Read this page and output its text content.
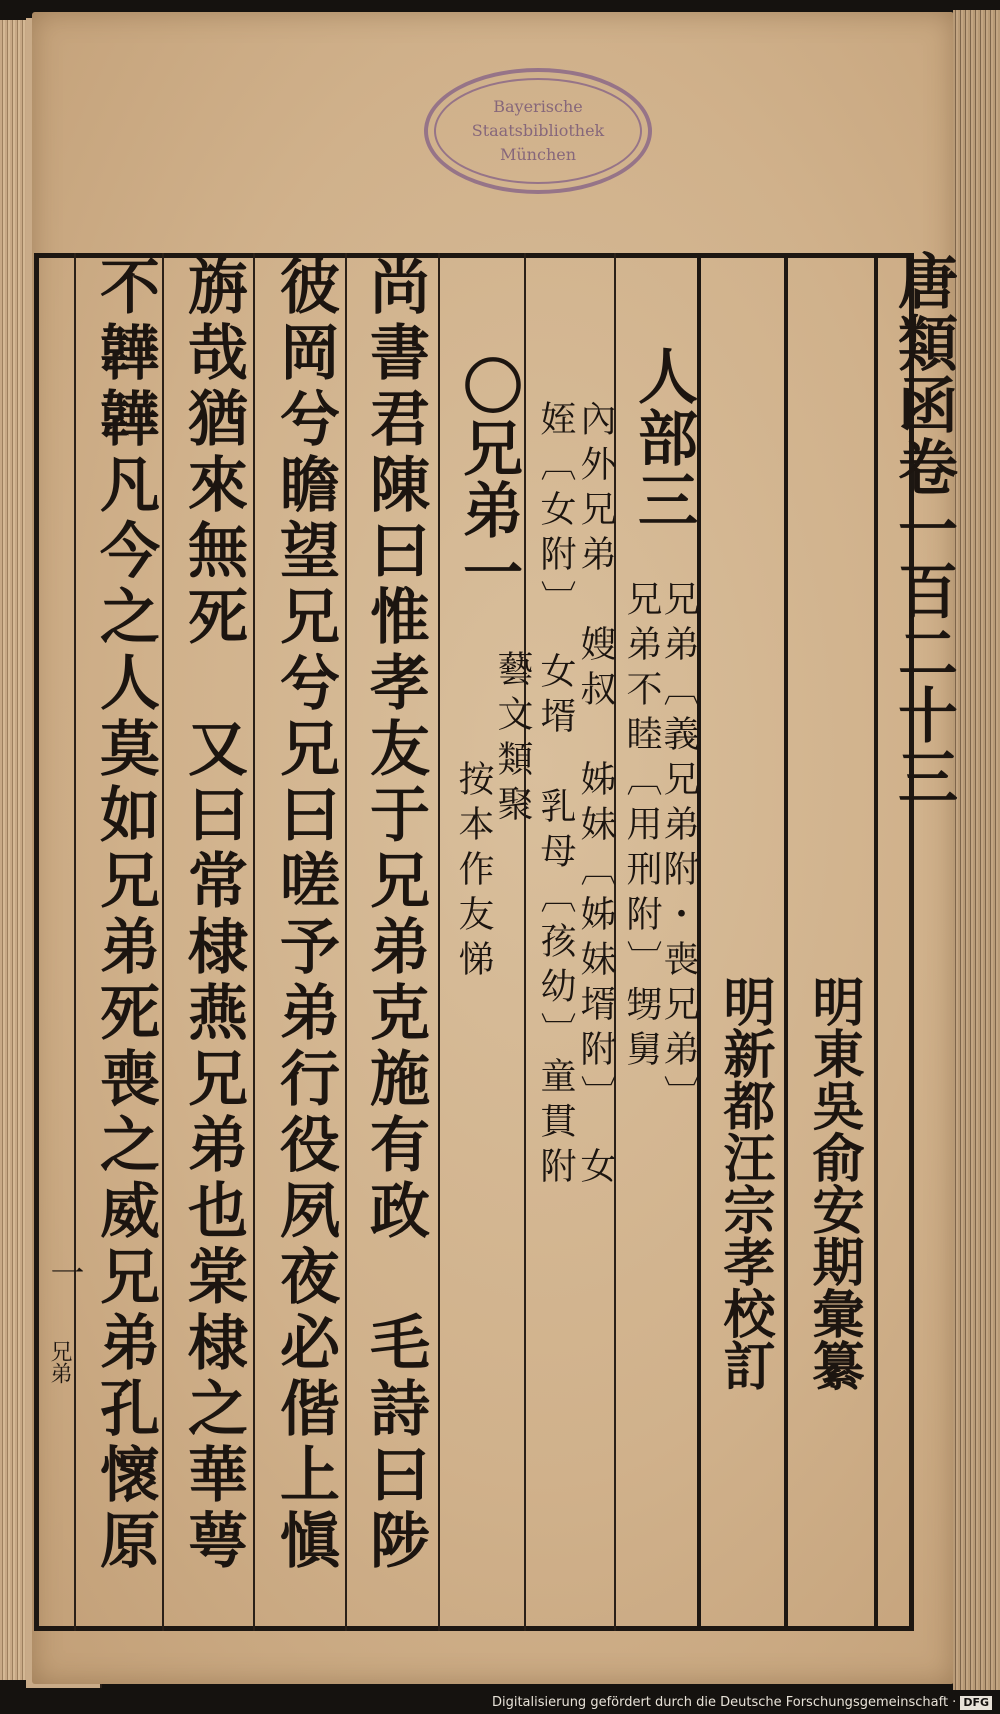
Bayerische
Staatsbibliothek
München
唐類函卷一百二十三
明東吳俞安期彙纂
明新都汪宗孝校訂
人部三
兄弟〔義兄弟附・喪兄弟〕
兄弟不睦〔用刑附〕甥舅
內外兄弟　嫂叔　姊妹〔姊妹壻附〕　女
姪〔女附〕　女壻　乳母〔孩幼〕童貫附
〇兄弟一
藝文類聚
按本作友悌
尚書君陳曰惟孝友于兄弟克施有政　毛詩曰陟
彼岡兮瞻望兄兮兄曰嗟予弟行役夙夜必偕上愼
旃哉猶來無死　又曰常棣燕兄弟也棠棣之華萼
不韡韡凡今之人莫如兄弟死喪之威兄弟孔懷原
一
兄弟
Digitalisierung gefördert durch die Deutsche Forschungsgemeinschaft · DFG
